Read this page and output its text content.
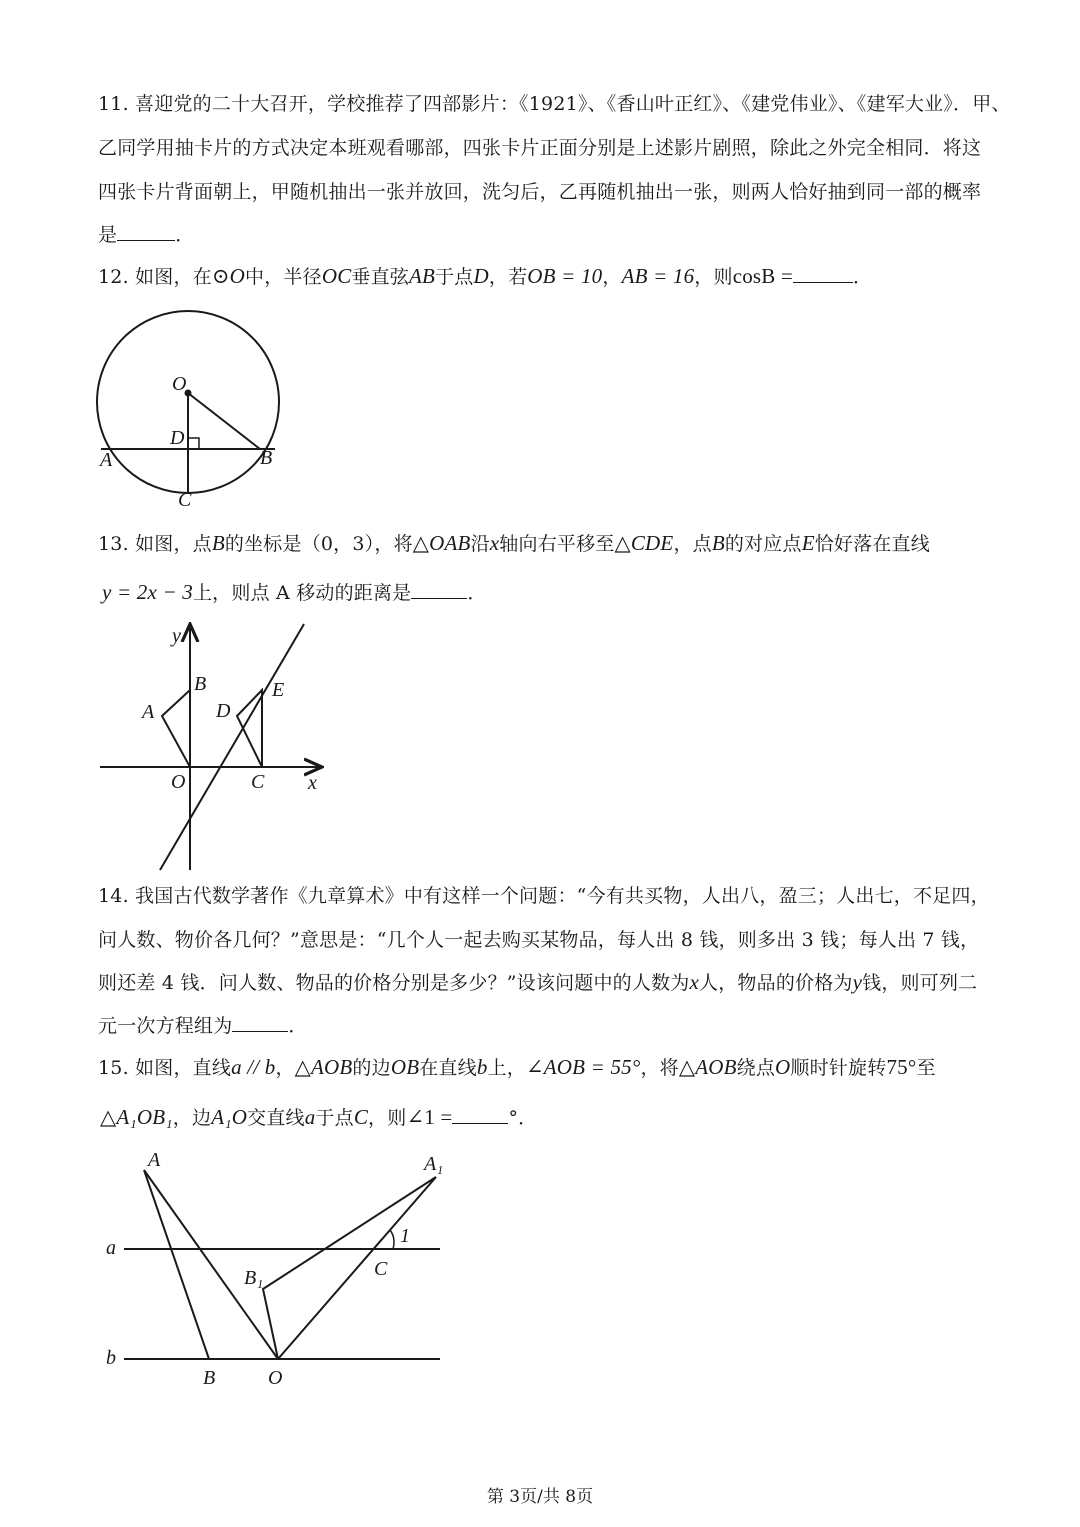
11. 喜迎党的二十大召开，学校推荐了四部影片：《1921》、《香山叶正红》、《建党伟业》、《建军大业》．甲、
乙同学用抽卡片的方式决定本班观看哪部，四张卡片正面分别是上述影片剧照，除此之外完全相同．将这
四张卡片背面朝上，甲随机抽出一张并放回，洗匀后，乙再随机抽出一张，则两人恰好抽到同一部的概率
是	．
12. 如图，在⊙O中，半径OC垂直弦AB于点D，若OB = 10，AB = 16，则cosB =	．
O
D
A	B
C
13. 如图，点B的坐标是（0，3），将△OAB沿x轴向右平移至△CDE，点B的对应点E恰好落在直线
y = 2x − 3上，则点 A 移动的距离是	．
y
x
A
B
O
D
E
C
14. 我国古代数学著作《九章算术》中有这样一个问题：“今有共买物，人出八，盈三；人出七，不足四，
问人数、物价各几何？”意思是：“几个人一起去购买某物品，每人出 8 钱，则多出 3 钱；每人出 7 钱，
则还差 4 钱．问人数、物品的价格分别是多少？”设该问题中的人数为x人，物品的价格为y钱，则可列二
元一次方程组为	．
15. 如图，直线a // b，△AOB的边OB在直线b上，∠AOB = 55°，将△AOB绕点O顺时针旋转75°至
△A₁OB₁，边A₁O交直线a于点C，则∠1 =	°．
A	A₁
a
b
B₁	C
1
B	O
第 3页/共 8页
